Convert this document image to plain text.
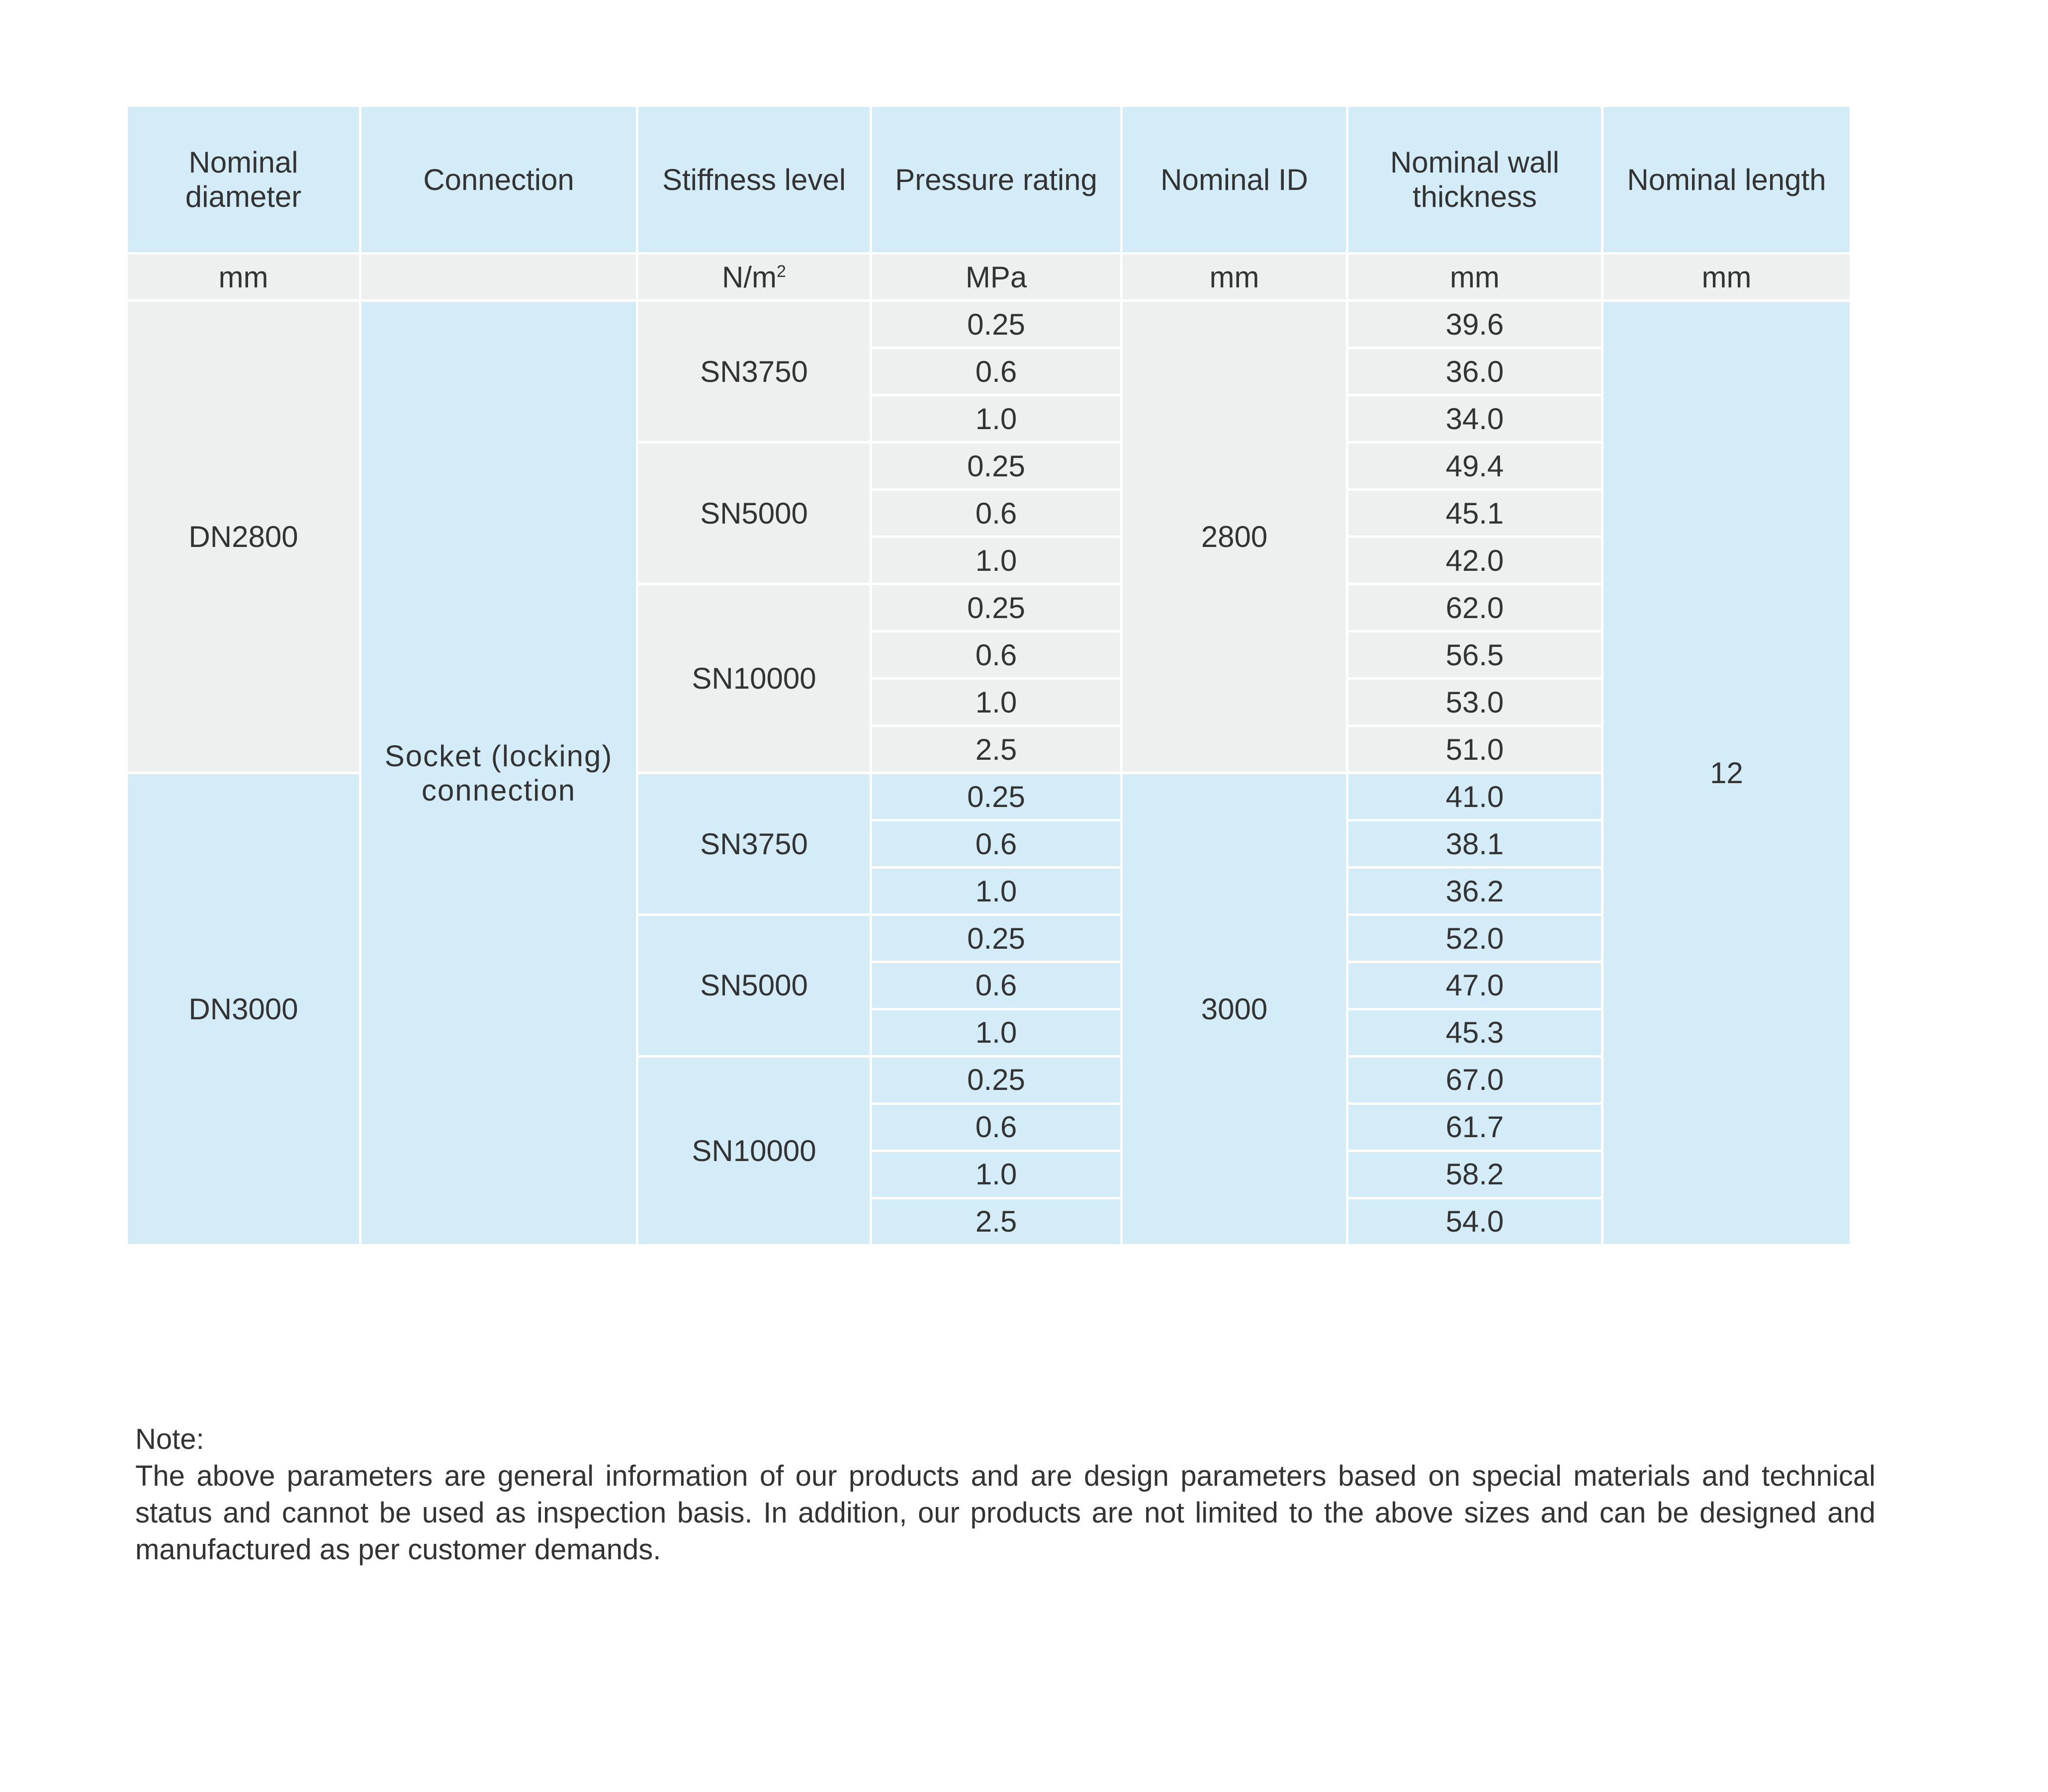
Nominal diameter	Connection	Stiffness level	Pressure rating	Nominal ID	Nominal wall thickness	Nominal length
mm		$N/m^2$	MPa	mm	mm	mm
DN2800	Socket (locking) connection	SN3750	0.25	2800	39.6	12
			0.6		36.0	
			1.0		34.0	
		SN5000	0.25		49.4	
			0.6		45.1	
			1.0		42.0	
		SN10000	0.25		62.0	
			0.6		56.5	
			1.0		53.0	
			2.5		51.0	
DN3000		SN3750	0.25	3000	41.0	
			0.6		38.1	
			1.0		36.2	
		SN5000	0.25		52.0	
			0.6		47.0	
			1.0		45.3	
		SN10000	0.25		67.0	
			0.6		61.7	
			1.0		58.2	
			2.5		54.0	

Note:

The above parameters are general information of our products and are design parameters based on special materials and technical status and cannot be used as inspection basis. In addition, our products are not limited to the above sizes and can be designed and manufactured as per customer demands.
